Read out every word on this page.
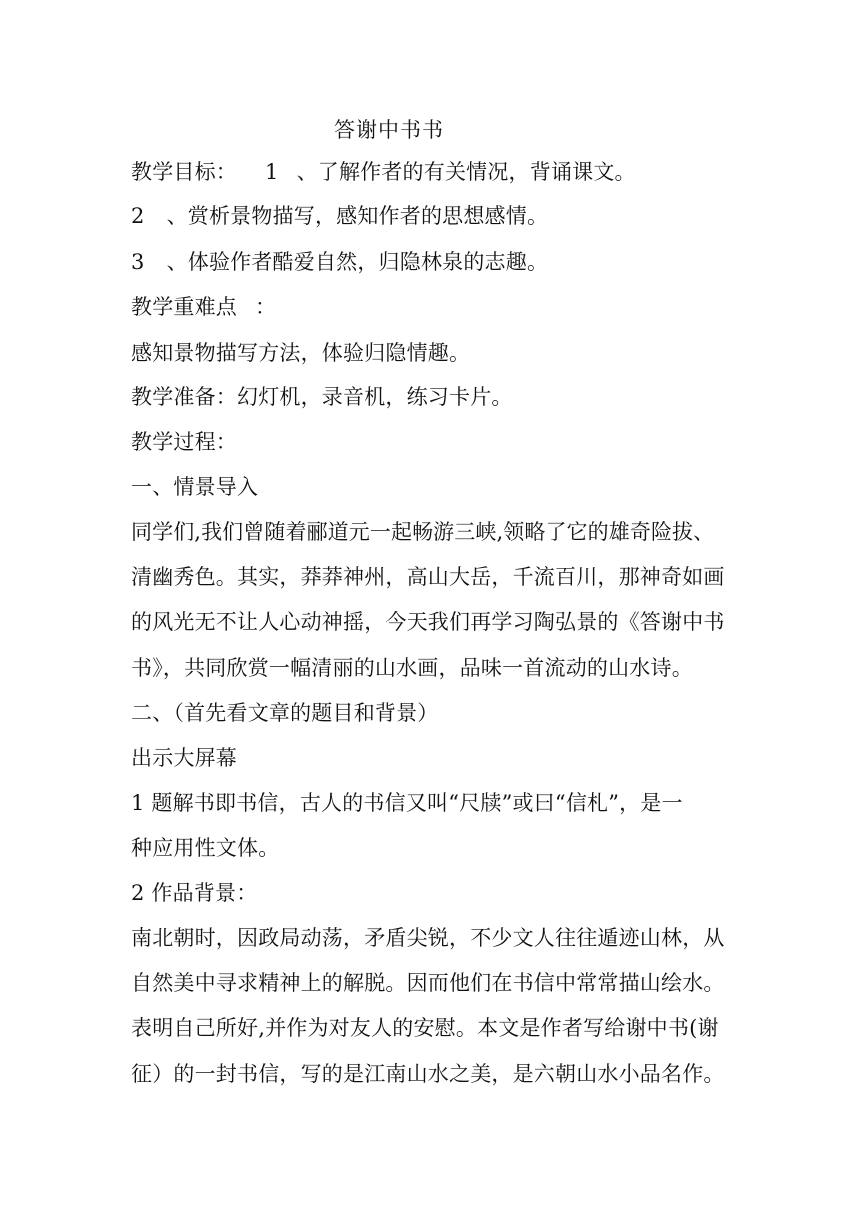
答谢中书书
教学目标： 1 、了解作者的有关情况，背诵课文。
2 、赏析景物描写，感知作者的思想感情。
3 、体验作者酷爱自然，归隐林泉的志趣。
教学重难点 ：
感知景物描写方法，体验归隐情趣。
教学准备：幻灯机，录音机，练习卡片。
教学过程：
一、情景导入
同学们,我们曾随着郦道元一起畅游三峡,领略了它的雄奇险拔、
清幽秀色。其实，莽莽神州，高山大岳，千流百川，那神奇如画
的风光无不让人心动神摇，今天我们再学习陶弘景的《答谢中书
书》，共同欣赏一幅清丽的山水画，品味一首流动的山水诗。
二、（首先看文章的题目和背景）
出示大屏幕
1 题解书即书信，古人的书信又叫“尺牍”或曰“信札”，是一
种应用性文体。
2 作品背景：
南北朝时，因政局动荡，矛盾尖锐，不少文人往往遁迹山林，从
自然美中寻求精神上的解脱。因而他们在书信中常常描山绘水。
表明自己所好,并作为对友人的安慰。本文是作者写给谢中书(谢
征）的一封书信，写的是江南山水之美，是六朝山水小品名作。
